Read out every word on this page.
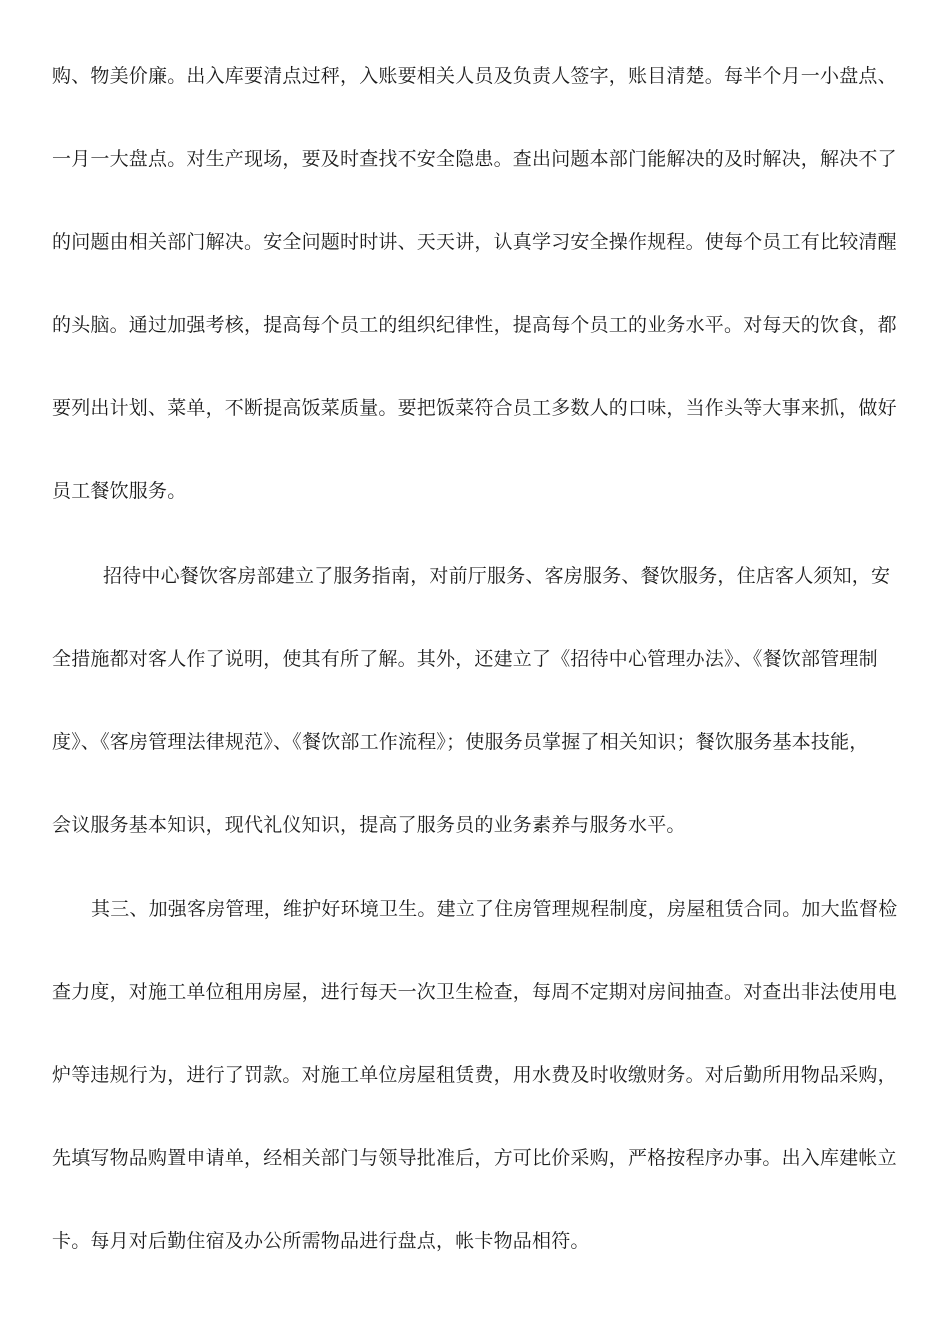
购、物美价廉。出入库要清点过秤，入账要相关人员及负责人签字，账目清楚。每半个月一小盘点、
一月一大盘点。对生产现场，要及时查找不安全隐患。查出问题本部门能解决的及时解决，解决不了
的问题由相关部门解决。安全问题时时讲、天天讲，认真学习安全操作规程。使每个员工有比较清醒
的头脑。通过加强考核，提高每个员工的组织纪律性，提高每个员工的业务水平。对每天的饮食，都
要列出计划、菜单，不断提高饭菜质量。要把饭菜符合员工多数人的口味，当作头等大事来抓，做好
员工餐饮服务。
招待中心餐饮客房部建立了服务指南，对前厅服务、客房服务、餐饮服务，住店客人须知，安
全措施都对客人作了说明，使其有所了解。其外，还建立了《招待中心管理办法》、《餐饮部管理制
度》、《客房管理法律规范》、《餐饮部工作流程》；使服务员掌握了相关知识；餐饮服务基本技能，
会议服务基本知识，现代礼仪知识，提高了服务员的业务素养与服务水平。
其三、加强客房管理，维护好环境卫生。建立了住房管理规程制度，房屋租赁合同。加大监督检
查力度，对施工单位租用房屋，进行每天一次卫生检查，每周不定期对房间抽查。对查出非法使用电
炉等违规行为，进行了罚款。对施工单位房屋租赁费，用水费及时收缴财务。对后勤所用物品采购，
先填写物品购置申请单，经相关部门与领导批准后，方可比价采购，严格按程序办事。出入库建帐立
卡。每月对后勤住宿及办公所需物品进行盘点，帐卡物品相符。
